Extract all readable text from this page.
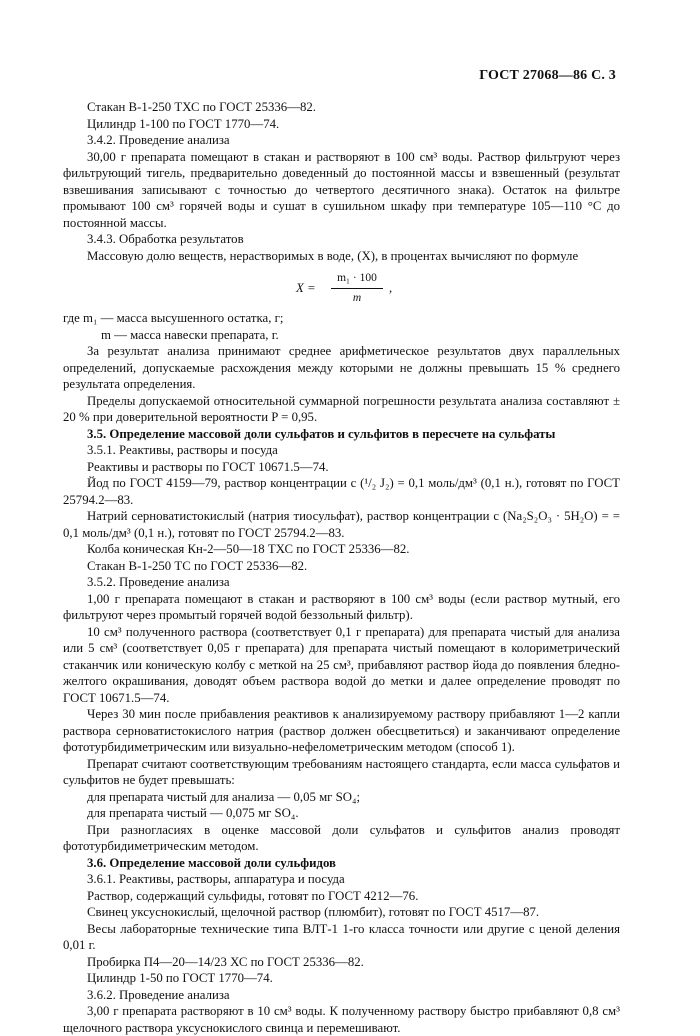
ГОСТ 27068—86 С. 3

Стакан В-1-250 ТХС по ГОСТ 25336—82.

Цилиндр 1-100 по ГОСТ 1770—74.

3.4.2. Проведение анализа

30,00 г препарата помещают в стакан и растворяют в 100 см³ воды. Раствор фильтруют через фильтрующий тигель, предварительно доведенный до постоянной массы и взвешенный (результат взвешивания записывают с точностью до четвертого десятичного знака). Остаток на фильтре промывают 100 см³ горячей воды и сушат в сушильном шкафу при температуре 105—110 °С до постоянной массы.

3.4.3. Обработка результатов

Массовую долю веществ, нерастворимых в воде, (X), в процентах вычисляют по формуле

$X = \frac{\text{m₁ · 100}}{m}$ ,

где m₁ — масса высушенного остатка, г;

m — масса навески препарата, г.

За результат анализа принимают среднее арифметическое результатов двух параллельных определений, допускаемые расхождения между которыми не должны превышать 15 % среднего результата определения.

Пределы допускаемой относительной суммарной погрешности результата анализа составляют ± 20 % при доверительной вероятности P = 0,95.

3.5. Определение массовой доли сульфатов и сульфитов в пересчете на сульфаты

3.5.1. Реактивы, растворы и посуда

Реактивы и растворы по ГОСТ 10671.5—74.

Йод по ГОСТ 4159—79, раствор концентрации c (¹/₂ J₂) = 0,1 моль/дм³ (0,1 н.), готовят по ГОСТ 25794.2—83.

Натрий серноватистокислый (натрия тиосульфат), раствор концентрации c (Na₂S₂O₃ · 5H₂O) = = 0,1 моль/дм³ (0,1 н.), готовят по ГОСТ 25794.2—83.

Колба коническая Кн-2—50—18 ТХС по ГОСТ 25336—82.

Стакан В-1-250 ТС по ГОСТ 25336—82.

3.5.2. Проведение анализа

1,00 г препарата помещают в стакан и растворяют в 100 см³ воды (если раствор мутный, его фильтруют через промытый горячей водой беззольный фильтр).

10 см³ полученного раствора (соответствует 0,1 г препарата) для препарата чистый для анализа или 5 см³ (соответствует 0,05 г препарата) для препарата чистый помещают в колориметрический стаканчик или коническую колбу с меткой на 25 см³, прибавляют раствор йода до появления бледно-желтого окрашивания, доводят объем раствора водой до метки и далее определение проводят по ГОСТ 10671.5—74.

Через 30 мин после прибавления реактивов к анализируемому раствору прибавляют 1—2 капли раствора серноватистокислого натрия (раствор должен обесцветиться) и заканчивают определение фототурбидиметрическим или визуально-нефелометрическим методом (способ 1).

Препарат считают соответствующим требованиям настоящего стандарта, если масса сульфатов и сульфитов не будет превышать:

для препарата чистый для анализа — 0,05 мг SO₄;

для препарата чистый — 0,075 мг SO₄.

При разногласиях в оценке массовой доли сульфатов и сульфитов анализ проводят фототурбидиметрическим методом.

3.6. Определение массовой доли сульфидов

3.6.1. Реактивы, растворы, аппаратура и посуда

Раствор, содержащий сульфиды, готовят по ГОСТ 4212—76.

Свинец уксуснокислый, щелочной раствор (плюмбит), готовят по ГОСТ 4517—87.

Весы лабораторные технические типа ВЛТ-1 1-го класса точности или другие с ценой деления 0,01 г.

Пробирка П4—20—14/23 ХС по ГОСТ 25336—82.

Цилиндр 1-50 по ГОСТ 1770—74.

3.6.2. Проведение анализа

3,00 г препарата растворяют в 10 см³ воды. К полученному раствору быстро прибавляют 0,8 см³ щелочного раствора уксуснокислого свинца и перемешивают.
